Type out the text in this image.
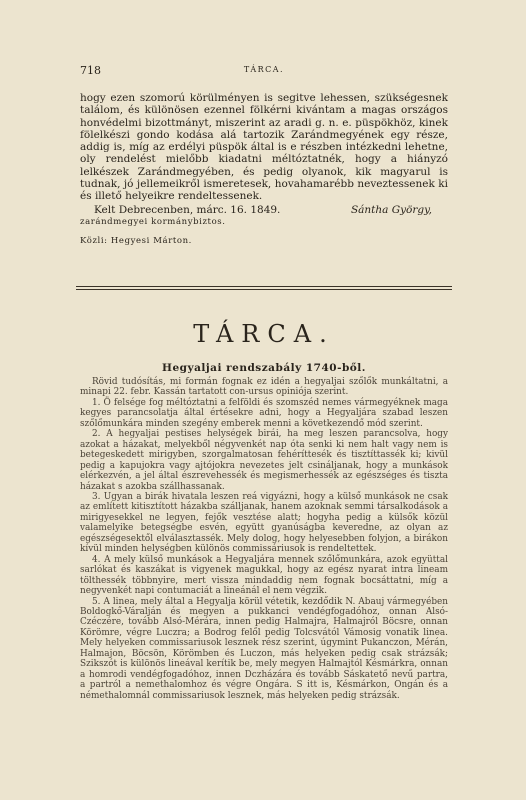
718	TÁRCA.

hogy ezen szomorú körülményen is segitve lehessen, szükségesnek találom, és különösen ezennel fölkérni kivántam a magas országos honvédelmi bizottmányt, miszerint az aradi g. n. e. püspökhöz, kinek fölelkészi gondo kodása alá tartozik Zarándmegyének egy része, addig is, míg az erdélyi püspök által is e részben intézkedni lehetne, oly rendelést mielőbb kiadatni méltóztatnék, hogy a hiányzó lelkészek Zarándmegyében, és pedig olyanok, kik magyarul is tudnak, jó jellemeikről ismeretesek, hovahamarébb neveztessenek ki és illető helyeikre rendeltessenek.

Kelt Debrecenben, márc. 16. 1849.	Sántha György,

zarándmegyei kormánybiztos.

Közli: Hegyesi Márton.

TÁRCA.
Hegyaljai rendszabály 1740-ből.

Rövid tudósítás, mi formán fognak ez idén a hegyaljai szőlők munkáltatni, a minapi 22. febr. Kassán tartatott con-ursus opiniója szerint.

1. Ö felsége fog méltóztatni a felföldi és szomszéd nemes vármegyéknek maga kegyes parancsolatja által értésekre adni, hogy a Hegyaljára szabad leszen szőlőmunkára minden szegény emberek menni a következendő mód szerint.

2. A hegyaljai pestises helységek birái, ha meg leszen parancsolva, hogy azokat a házakat, melyekből négyvenkét nap óta senki ki nem halt vagy nem is betegeskedett mirigyben, szorgalmatosan fehéríttesék és tisztíttassék ki; kivül pedig a kapujokra vagy ajtójokra nevezetes jelt csináljanak, hogy a munkások elérkezvén, a jel által észrevehessék és megismerhessék az egészséges és tiszta házakat s azokba szállhassanak.

3. Ugyan a birák hivatala leszen reá vigyázni, hogy a külső munkások ne csak az említett kitisztított házakba szálljanak, hanem azoknak semmi társalkodások a mirigyesekkel ne legyen, fejők vesztése alatt; hogyha pedig a külsők közül valamelyike betegségbe esvén, együtt gyanúságba keveredne, az olyan az egészségesektől elválasztassék. Mely dolog, hogy helyesebben folyjon, a birákon kívül minden helységben különös commissáriusok is rendeltettek.

4. A mely külső munkások a Hegyaljára mennek szőlőmunkára, azok együttal sarlókat és kaszákat is vigyenek magukkal, hogy az egész nyarat intra lineam tölthessék többnyire, mert vissza mindaddig nem fognak bocsáttatni, míg a negyvenkét napi contumaciát a lineánál el nem végzik.

5. A linea, mely által a Hegyalja körül vétetik, kezdődik N. Abauj vármegyében Boldogkő-Váralján és megyen a pukkanci vendégfogadóhoz, onnan Alsó-Czéczére, tovább Alsó-Mérára, innen pedig Halmajra, Halmajról Böcsre, onnan Körömre, végre Luczra; a Bodrog felől pedig Tolcsvától Vámosig vonatik linea. Mely helyeken commissariusok lesznek rész szerint, úgymint Pukanczon, Mérán, Halmajon, Böcsön, Körömben és Luczon, más helyeken pedig csak strázsák; Szikszót is különös lineával kerítik be, mely megyen Halmajtól Késmárkra, onnan a homrodi vendégfogadóhoz, innen Dczházára és tovább Sáskatető nevű partra, a partról a nemethalomhoz és végre Ongára. S itt is, Késmárkon, Ongán és a némethalomnál commissariusok lesznek, más helyeken pedig strázsák.
